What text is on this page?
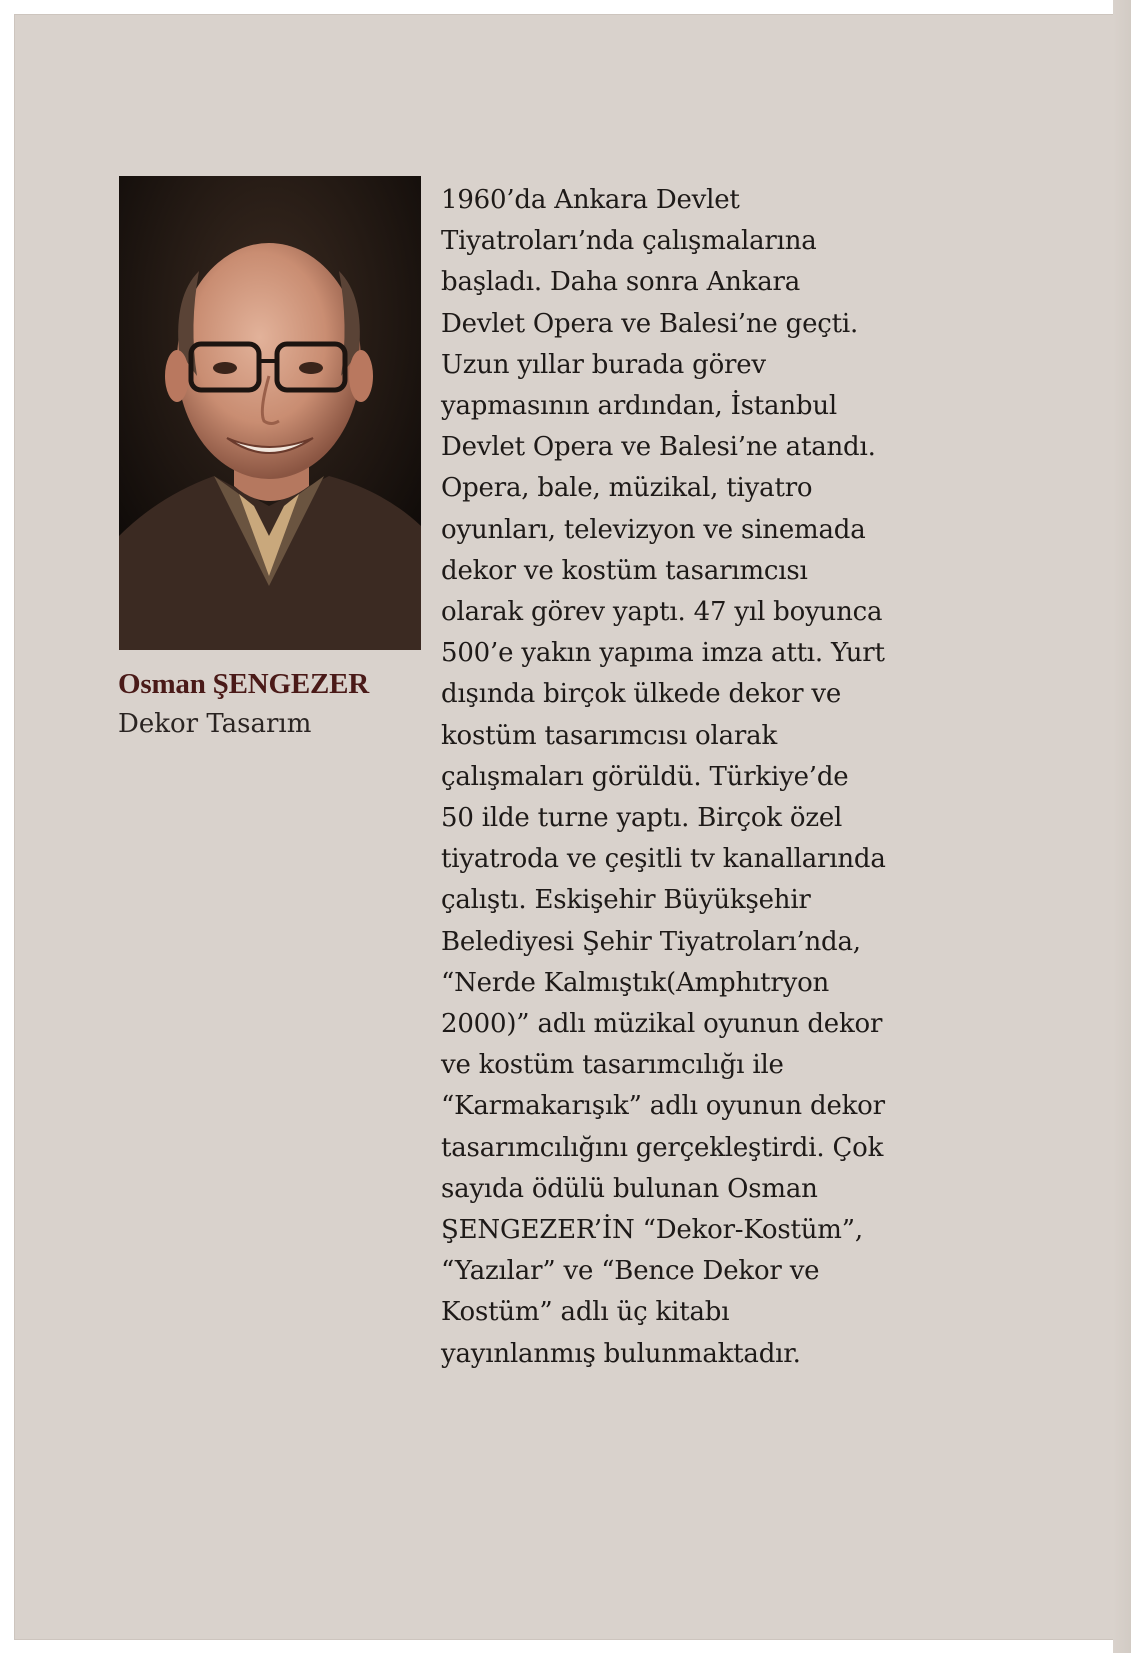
Osman ŞENGEZER
Dekor Tasarım

1960’da Ankara Devlet
Tiyatroları’nda çalışmalarına
başladı. Daha sonra Ankara
Devlet Opera ve Balesi’ne geçti.
Uzun yıllar burada görev
yapmasının ardından, İstanbul
Devlet Opera ve Balesi’ne atandı.
Opera, bale, müzikal, tiyatro
oyunları, televizyon ve sinemada
dekor ve kostüm tasarımcısı
olarak görev yaptı. 47 yıl boyunca
500’e yakın yapıma imza attı. Yurt
dışında birçok ülkede dekor ve
kostüm tasarımcısı olarak
çalışmaları görüldü. Türkiye’de
50 ilde turne yaptı. Birçok özel
tiyatroda ve çeşitli tv kanallarında
çalıştı. Eskişehir Büyükşehir
Belediyesi Şehir Tiyatroları’nda,
“Nerde Kalmıştık(Amphıtryon
2000)” adlı müzikal oyunun dekor
ve kostüm tasarımcılığı ile
“Karmakarışık” adlı oyunun dekor
tasarımcılığını gerçekleştirdi. Çok
sayıda ödülü bulunan Osman
ŞENGEZER’İN “Dekor-Kostüm”,
“Yazılar” ve “Bence Dekor ve
Kostüm” adlı üç kitabı
yayınlanmış bulunmaktadır.
